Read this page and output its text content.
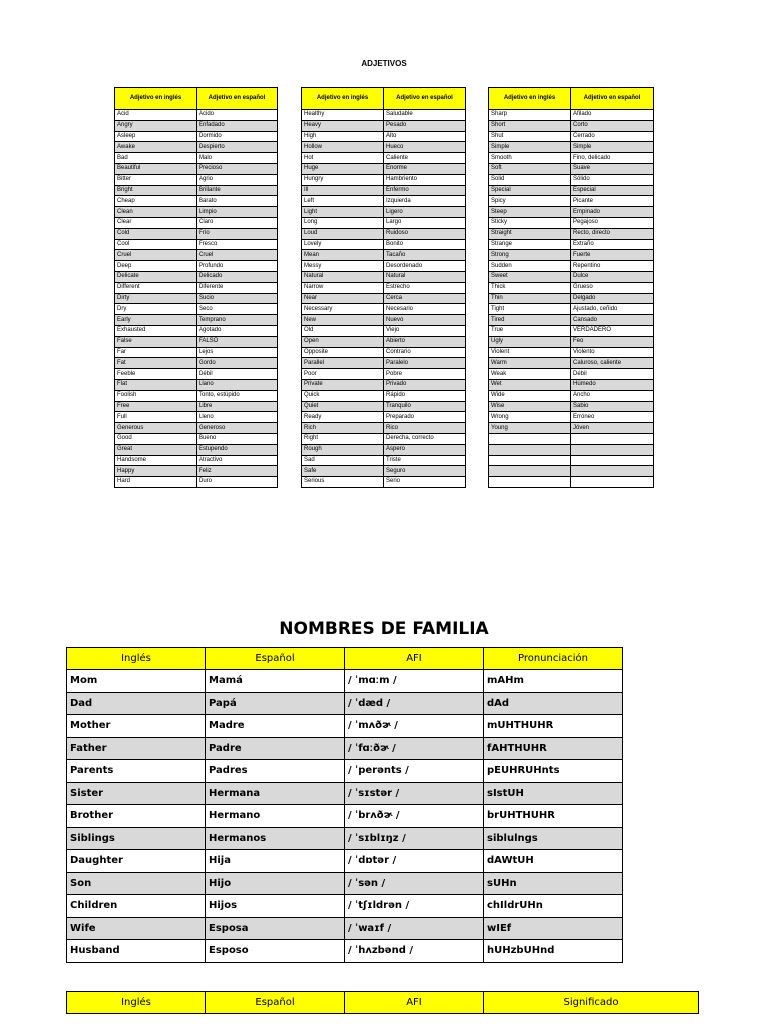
ADJETIVOS
Adjetivo en inglés	Adjetivo en español
Acid	Ácido
Angry	Enfadado
Asleep	Dormido
Awake	Despierto
Bad	Malo
Beautiful	Precioso
Bitter	Agrio
Bright	Brillante
Cheap	Barato
Clean	Limpio
Clear	Claro
Cold	Frío
Cool	Fresco
Cruel	Cruel
Deep	Profundo
Delicate	Delicado
Different	Diferente
Dirty	Sucio
Dry	Seco
Early	Temprano
Exhausted	Agotado
False	FALSO
Far	Lejos
Fat	Gordo
Feeble	Débil
Flat	Llano
Foolish	Tonto, estúpido
Free	Libre
Full	Lleno
Generous	Generoso
Good	Bueno
Great	Estupendo
Handsome	Atractivo
Happy	Feliz
Hard	Duro
Adjetivo en inglés	Adjetivo en español
Healthy	Saludable
Heavy	Pesado
High	Alto
Hollow	Hueco
Hot	Caliente
Huge	Enorme
Hungry	Hambriento
Ill	Enfermo
Left	Izquierda
Light	Ligero
Long	Largo
Loud	Ruidoso
Lovely	Bonito
Mean	Tacaño
Messy	Desordenado
Natural	Natural
Narrow	Estrecho
Near	Cerca
Necessary	Necesario
New	Nuevo
Old	Viejo
Open	Abierto
Opposite	Contrario
Parallel	Paralelo
Poor	Pobre
Private	Privado
Quick	Rápido
Quiet	Tranquilo
Ready	Preparado
Rich	Rico
Right	Derecha, correcto
Rough	Áspero
Sad	Triste
Safe	Seguro
Serious	Serio
Adjetivo en inglés	Adjetivo en español
Sharp	Afilado
Short	Corto
Shut	Cerrado
Simple	Simple
Smooth	Fino, delicado
Soft	Suave
Solid	Sólido
Special	Especial
Spicy	Picante
Steep	Empinado
Sticky	Pegajoso
Straight	Recto, directo
Strange	Extraño
Strong	Fuerte
Sudden	Repentino
Sweet	Dulce
Thick	Grueso
Thin	Delgado
Tight	Ajustado, ceñido
Tired	Cansado
True	VERDADERO
Ugly	Feo
Violent	Violento
Warm	Caluroso, caliente
Weak	Débil
Wet	Húmedo
Wide	Ancho
Wise	Sabio
Wrong	Erróneo
Young	Jóven

NOMBRES DE FAMILIA
Inglés	Español	AFI	Pronunciación
Mom	Mamá	/ ˈmɑːm /	mAHm
Dad	Papá	/ ˈdæd /	dAd
Mother	Madre	/ ˈmʌðɚ /	mUHTHUHR
Father	Padre	/ ˈfɑːðɚ /	fAHTHUHR
Parents	Padres	/ ˈperənts /	pEUHRUHnts
Sister	Hermana	/ ˈsɪstər /	sIstUH
Brother	Hermano	/ ˈbrʌðɚ /	brUHTHUHR
Siblings	Hermanos	/ ˈsɪblɪŋz /	siblulngs
Daughter	Hija	/ ˈdɒtər /	dAWtUH
Son	Hijo	/ ˈsən /	sUHn
Children	Hijos	/ ˈtʃɪldrən /	chIldrUHn
Wife	Esposa	/ ˈwaɪf /	wIEf
Husband	Esposo	/ ˈhʌzbənd /	hUHzbUHnd
Inglés	Español	AFI	Significado
